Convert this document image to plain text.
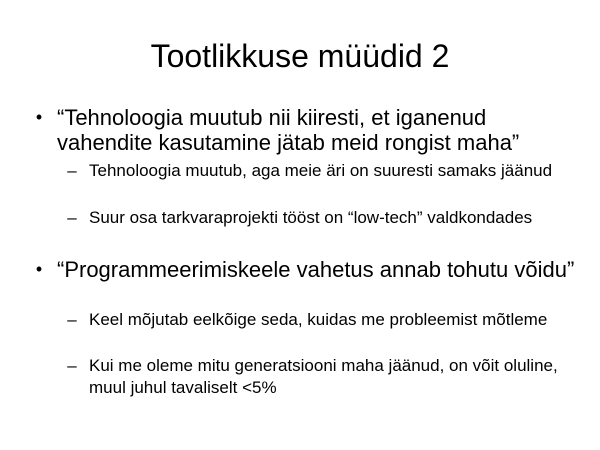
Tootlikkuse müüdid 2
• “Tehnoloogia muutub nii kiiresti, et iganenud vahendite kasutamine jätab meid rongist maha”

– Tehnoloogia muutub, aga meie äri on suuresti samaks jäänud

– Suur osa tarkvaraprojekti tööst on “low-tech” valdkondades

• “Programmeerimiskeele vahetus annab tohutu võidu”

– Keel mõjutab eelkõige seda, kuidas me probleemist mõtleme

– Kui me oleme mitu generatsiooni maha jäänud, on võit oluline, muul juhul tavaliselt <5%
